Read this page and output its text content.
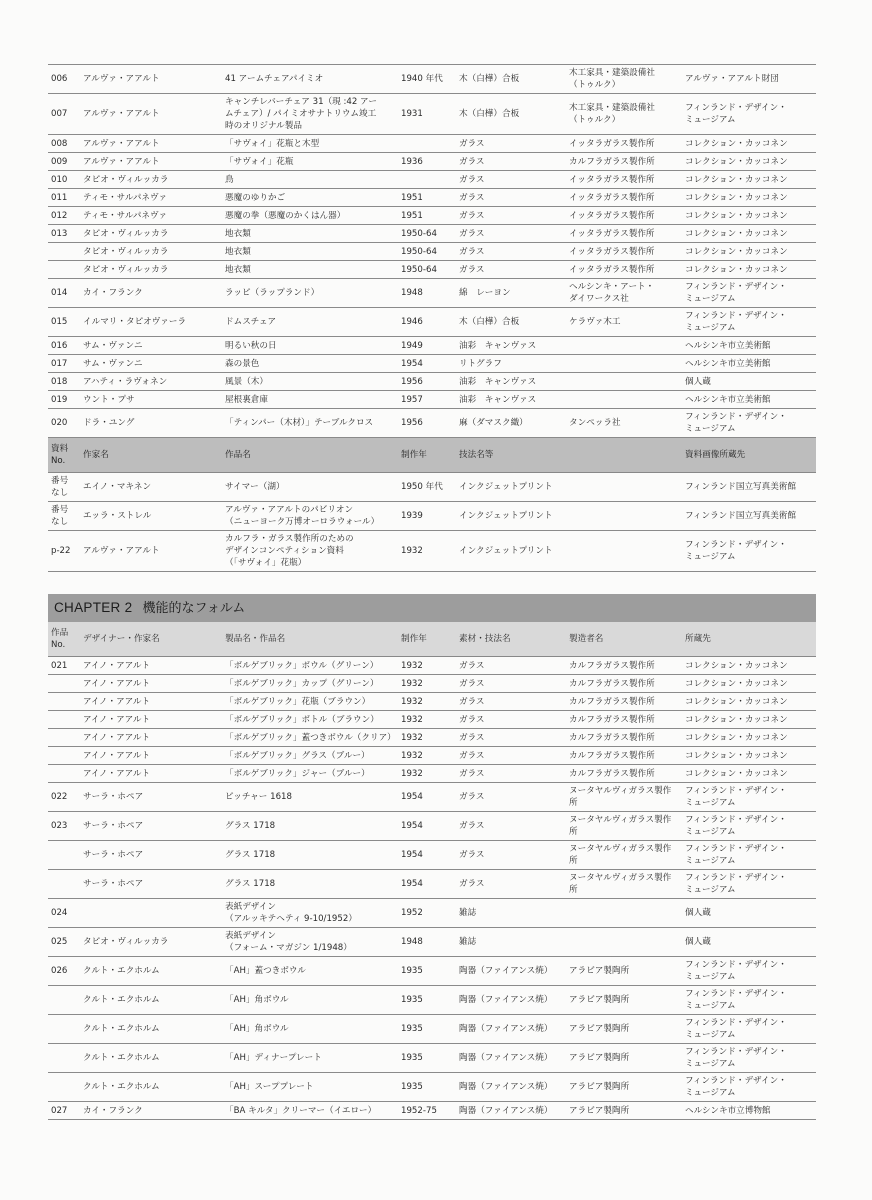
006	アルヴァ・アアルト	41 アームチェアパイミオ	1940 年代	木（白樺）合板	木工家具・建築設備社
（トゥルク）	アルヴァ・アアルト財団
007	アルヴァ・アアルト	キャンチレバーチェア 31（現 :42 アー
ムチェア）/ パイミオサナトリウム竣工
時のオリジナル製品	1931	木（白樺）合板	木工家具・建築設備社
（トゥルク）	フィンランド・デザイン・
ミュージアム
008	アルヴァ・アアルト	「サヴォイ」花瓶と木型		ガラス	イッタラガラス製作所	コレクション・カッコネン
009	アルヴァ・アアルト	「サヴォイ」花瓶	1936	ガラス	カルフラガラス製作所	コレクション・カッコネン
010	タピオ・ヴィルッカラ	鳥		ガラス	イッタラガラス製作所	コレクション・カッコネン
011	ティモ・サルパネヴァ	悪魔のゆりかご	1951	ガラス	イッタラガラス製作所	コレクション・カッコネン
012	ティモ・サルパネヴァ	悪魔の拳（悪魔のかくはん器）	1951	ガラス	イッタラガラス製作所	コレクション・カッコネン
013	タピオ・ヴィルッカラ	地衣類	1950-64	ガラス	イッタラガラス製作所	コレクション・カッコネン
	タピオ・ヴィルッカラ	地衣類	1950-64	ガラス	イッタラガラス製作所	コレクション・カッコネン
	タピオ・ヴィルッカラ	地衣類	1950-64	ガラス	イッタラガラス製作所	コレクション・カッコネン
014	カイ・フランク	ラッピ（ラップランド）	1948	綿　レーヨン	ヘルシンキ・アート・
ダイワークス社	フィンランド・デザイン・
ミュージアム
015	イルマリ・タピオヴァーラ	ドムスチェア	1946	木（白樺）合板	ケラヴァ木工	フィンランド・デザイン・
ミュージアム
016	サム・ヴァンニ	明るい秋の日	1949	油彩　キャンヴァス		ヘルシンキ市立美術館
017	サム・ヴァンニ	森の景色	1954	リトグラフ		ヘルシンキ市立美術館
018	アハティ・ラヴォネン	風景（木）	1956	油彩　キャンヴァス		個人蔵
019	ウント・プサ	屋根裏倉庫	1957	油彩　キャンヴァス		ヘルシンキ市立美術館
020	ドラ・ユング	「ティンパー（木材）」テーブルクロス	1956	麻（ダマスク織）	タンペッラ社	フィンランド・デザイン・
ミュージアム
資料
No.	作家名	作品名	制作年	技法名等		資料画像所蔵先
番号
なし	エイノ・マキネン	サイマー（湖）	1950 年代	インクジェットプリント		フィンランド国立写真美術館
番号
なし	エッラ・ストレル	アルヴァ・アアルトのパビリオン
（ニューヨーク万博オーロラウォール）	1939	インクジェットプリント		フィンランド国立写真美術館
p-22	アルヴァ・アアルト	カルフラ・ガラス製作所のための
デザインコンペティション資料
（「サヴォイ」花瓶）	1932	インクジェットプリント		フィンランド・デザイン・
ミュージアム
CHAPTER 2 機能的なフォルム
作品
No.	デザイナー・作家名	製品名・作品名	制作年	素材・技法名	製造者名	所蔵先
021	アイノ・アアルト	「ボルゲブリック」ボウル（グリーン）	1932	ガラス	カルフラガラス製作所	コレクション・カッコネン
	アイノ・アアルト	「ボルゲブリック」カップ（グリーン）	1932	ガラス	カルフラガラス製作所	コレクション・カッコネン
	アイノ・アアルト	「ボルゲブリック」花瓶（ブラウン）	1932	ガラス	カルフラガラス製作所	コレクション・カッコネン
	アイノ・アアルト	「ボルゲブリック」ボトル（ブラウン）	1932	ガラス	カルフラガラス製作所	コレクション・カッコネン
	アイノ・アアルト	「ボルゲブリック」蓋つきボウル（クリア）	1932	ガラス	カルフラガラス製作所	コレクション・カッコネン
	アイノ・アアルト	「ボルゲブリック」グラス（ブルー）	1932	ガラス	カルフラガラス製作所	コレクション・カッコネン
	アイノ・アアルト	「ボルゲブリック」ジャー（ブルー）	1932	ガラス	カルフラガラス製作所	コレクション・カッコネン
022	サーラ・ホペア	ピッチャー 1618	1954	ガラス	ヌータヤルヴィガラス製作所	フィンランド・デザイン・
ミュージアム
023	サーラ・ホペア	グラス 1718	1954	ガラス	ヌータヤルヴィガラス製作所	フィンランド・デザイン・
ミュージアム
	サーラ・ホペア	グラス 1718	1954	ガラス	ヌータヤルヴィガラス製作所	フィンランド・デザイン・
ミュージアム
	サーラ・ホペア	グラス 1718	1954	ガラス	ヌータヤルヴィガラス製作所	フィンランド・デザイン・
ミュージアム
024		表紙デザイン
（アルッキテヘティ 9-10/1952）	1952	雑誌		個人蔵
025	タピオ・ヴィルッカラ	表紙デザイン
（フォーム・マガジン 1/1948）	1948	雑誌		個人蔵
026	クルト・エクホルム	「AH」蓋つきボウル	1935	陶器（ファイアンス焼）	アラビア製陶所	フィンランド・デザイン・
ミュージアム
	クルト・エクホルム	「AH」角ボウル	1935	陶器（ファイアンス焼）	アラビア製陶所	フィンランド・デザイン・
ミュージアム
	クルト・エクホルム	「AH」角ボウル	1935	陶器（ファイアンス焼）	アラビア製陶所	フィンランド・デザイン・
ミュージアム
	クルト・エクホルム	「AH」ディナープレート	1935	陶器（ファイアンス焼）	アラビア製陶所	フィンランド・デザイン・
ミュージアム
	クルト・エクホルム	「AH」スーププレート	1935	陶器（ファイアンス焼）	アラビア製陶所	フィンランド・デザイン・
ミュージアム
027	カイ・フランク	「BA キルタ」クリーマー（イエロー）	1952-75	陶器（ファイアンス焼）	アラビア製陶所	ヘルシンキ市立博物館
